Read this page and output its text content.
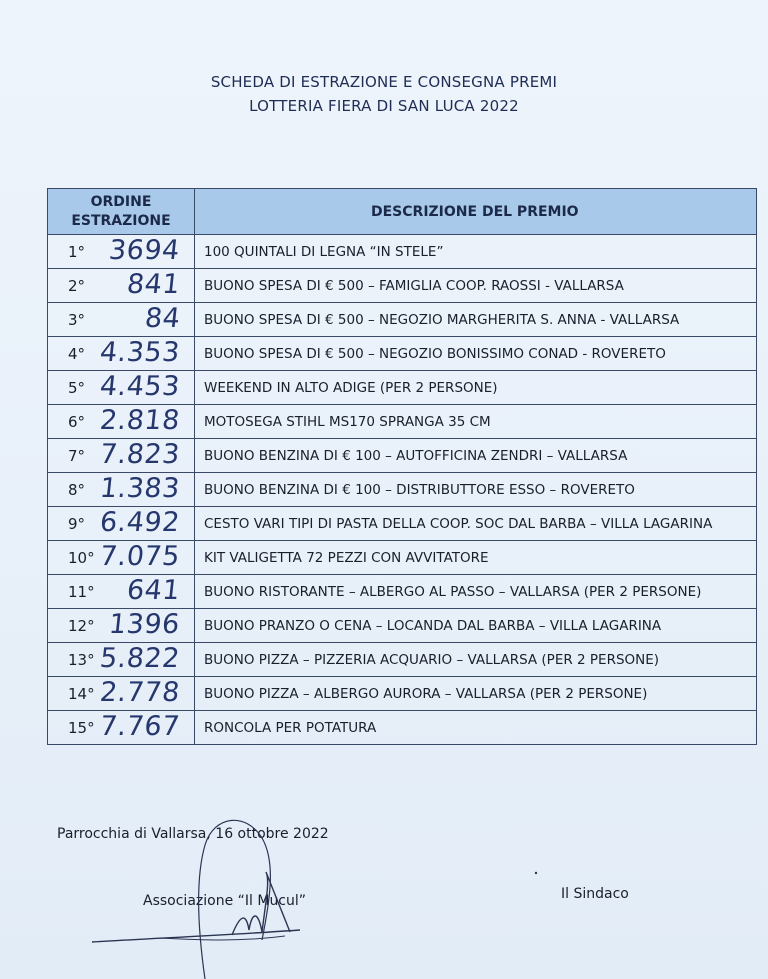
SCHEDA DI ESTRAZIONE E CONSEGNA PREMI
LOTTERIA FIERA DI SAN LUCA 2022
ORDINE
ESTRAZIONE	DESCRIZIONE DEL PREMIO

1° 3694	100 QUINTALI DI LEGNA “IN STELE”

2° 841	BUONO SPESA DI € 500 – FAMIGLIA COOP. RAOSSI - VALLARSA

3° 84	BUONO SPESA DI € 500 – NEGOZIO MARGHERITA S. ANNA - VALLARSA

4° 4.353	BUONO SPESA DI € 500 – NEGOZIO BONISSIMO CONAD - ROVERETO

5° 4.453	WEEKEND IN ALTO ADIGE (PER 2 PERSONE)

6° 2.818	MOTOSEGA STIHL MS170 SPRANGA 35 CM

7° 7.823	BUONO BENZINA DI € 100 – AUTOFFICINA ZENDRI – VALLARSA

8° 1.383	BUONO BENZINA DI € 100 – DISTRIBUTTORE ESSO – ROVERETO

9° 6.492	CESTO VARI TIPI DI PASTA DELLA COOP. SOC DAL BARBA – VILLA LAGARINA

10° 7.075	KIT VALIGETTA 72 PEZZI CON AVVITATORE

11° 641	BUONO RISTORANTE – ALBERGO AL PASSO – VALLARSA (PER 2 PERSONE)

12° 1396	BUONO PRANZO O CENA – LOCANDA DAL BARBA – VILLA LAGARINA

13° 5.822	BUONO PIZZA – PIZZERIA ACQUARIO – VALLARSA (PER 2 PERSONE)

14° 2.778	BUONO PIZZA – ALBERGO AURORA – VALLARSA (PER 2 PERSONE)

15° 7.767	RONCOLA PER POTATURA
Parrocchia di Vallarsa, 16 ottobre 2022
Associazione “Il Mucul”	Il Sindaco
